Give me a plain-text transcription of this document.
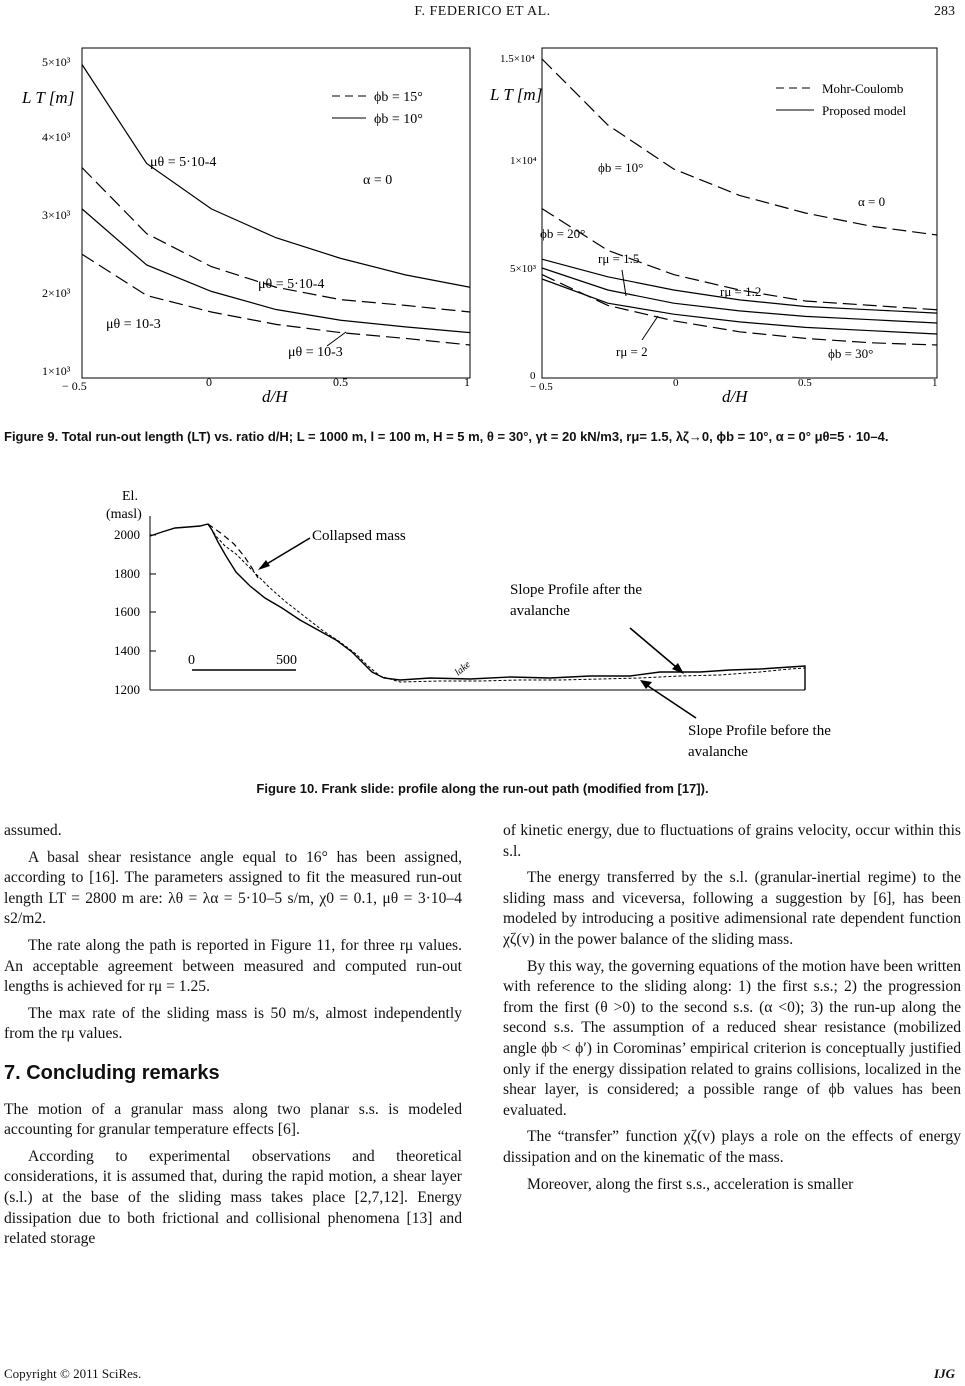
F. FEDERICO ET AL.	283
1×10³
2×10³
3×10³
4×10³
5×10³
− 0.5	0	0.5	1
L T [m]
d/H
ϕb = 15°
ϕb = 10°
μθ = 5·10-4
μθ = 5·10-4
μθ = 10-3
μθ = 10-3
α = 0
0
5×10³
1×10⁴
1.5×10⁴
− 0.5	0	0.5	1
L T [m]
d/H
Mohr-Coulomb
Proposed model
ϕb = 10°
ϕb = 20°
ϕb = 30°
rμ = 1.5
rμ = 1.2
rμ = 2
α = 0
Figure 9. Total run-out length (LT) vs. ratio d/H; L = 1000 m, l = 100 m, H = 5 m, θ = 30°, γt = 20 kN/m3, rμ= 1.5, λζ→0, ϕb = 10°, α = 0° μθ=5 · 10–4.
El.
(masl)
1200
1400
1600
1800
2000
0	500	lake
Collapsed mass
Slope Profile after the
avalanche
Slope Profile before the
avalanche
Figure 10. Frank slide: profile along the run-out path (modified from [17]).

assumed.

A basal shear resistance angle equal to 16° has been assigned, according to [16]. The parameters assigned to fit the measured run-out length LT = 2800 m are: λθ = λα = 5·10–5 s/m, χ0 = 0.1, μθ = 3·10–4 s2/m2.

The rate along the path is reported in Figure 11, for three rμ values. An acceptable agreement between measured and computed run-out lengths is achieved for rμ = 1.25.

The max rate of the sliding mass is 50 m/s, almost independently from the rμ values.

7. Concluding remarks

The motion of a granular mass along two planar s.s. is modeled accounting for granular temperature effects [6].

According to experimental observations and theoretical considerations, it is assumed that, during the rapid motion, a shear layer (s.l.) at the base of the sliding mass takes place [2,7,12]. Energy dissipation due to both frictional and collisional phenomena [13] and related storage

of kinetic energy, due to fluctuations of grains velocity, occur within this s.l.

The energy transferred by the s.l. (granular-inertial regime) to the sliding mass and viceversa, following a suggestion by [6], has been modeled by introducing a positive adimensional rate dependent function χζ(v) in the power balance of the sliding mass.

By this way, the governing equations of the motion have been written with reference to the sliding along: 1) the first s.s.; 2) the progression from the first (θ >0) to the second s.s. (α <0); 3) the run-up along the second s.s. The assumption of a reduced shear resistance (mobilized angle ϕb < ϕ′) in Corominas’ empirical criterion is conceptually justified only if the energy dissipation related to grains collisions, localized in the shear layer, is considered; a possible range of ϕb values has been evaluated.

The “transfer” function χζ(v) plays a role on the effects of energy dissipation and on the kinematic of the mass.

Moreover, along the first s.s., acceleration is smaller

Copyright © 2011 SciRes.	IJG
